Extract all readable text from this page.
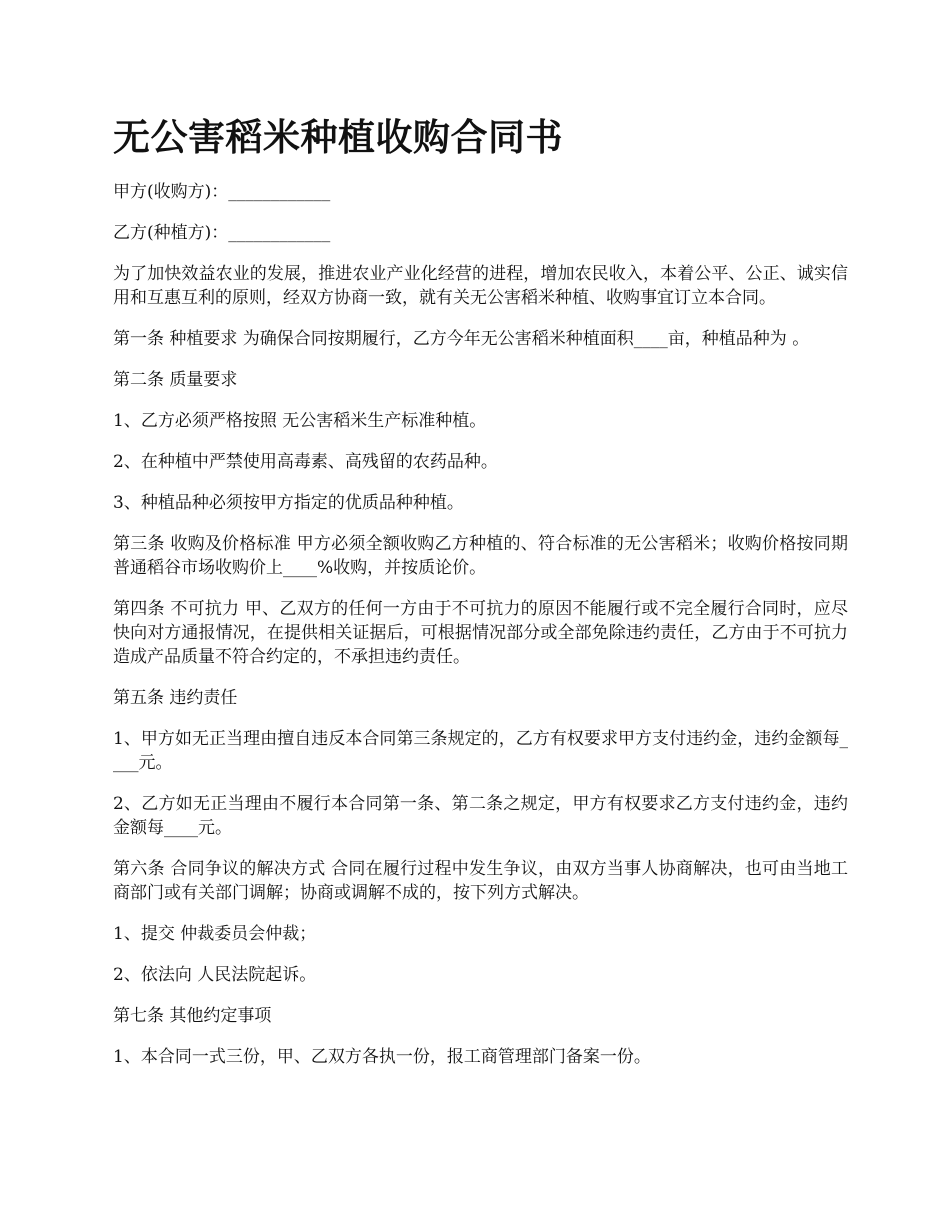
无公害稻米种植收购合同书

甲方(收购方)：____________

乙方(种植方)：____________

为了加快效益农业的发展，推进农业产业化经营的进程，增加农民收入，本着公平、公正、诚实信用和互惠互利的原则，经双方协商一致，就有关无公害稻米种植、收购事宜订立本合同。

第一条 种植要求 为确保合同按期履行，乙方今年无公害稻米种植面积____亩，种植品种为 。

第二条 质量要求

1、乙方必须严格按照 无公害稻米生产标准种植。

2、在种植中严禁使用高毒素、高残留的农药品种。

3、种植品种必须按甲方指定的优质品种种植。

第三条 收购及价格标准 甲方必须全额收购乙方种植的、符合标准的无公害稻米；收购价格按同期普通稻谷市场收购价上____%收购，并按质论价。

第四条 不可抗力 甲、乙双方的任何一方由于不可抗力的原因不能履行或不完全履行合同时，应尽快向对方通报情况，在提供相关证据后，可根据情况部分或全部免除违约责任，乙方由于不可抗力造成产品质量不符合约定的，不承担违约责任。

第五条 违约责任

1、甲方如无正当理由擅自违反本合同第三条规定的，乙方有权要求甲方支付违约金，违约金额每____元。

2、乙方如无正当理由不履行本合同第一条、第二条之规定，甲方有权要求乙方支付违约金，违约金额每____元。

第六条 合同争议的解决方式 合同在履行过程中发生争议，由双方当事人协商解决，也可由当地工商部门或有关部门调解；协商或调解不成的，按下列方式解决。

1、提交 仲裁委员会仲裁；

2、依法向 人民法院起诉。

第七条 其他约定事项

1、本合同一式三份，甲、乙双方各执一份，报工商管理部门备案一份。
